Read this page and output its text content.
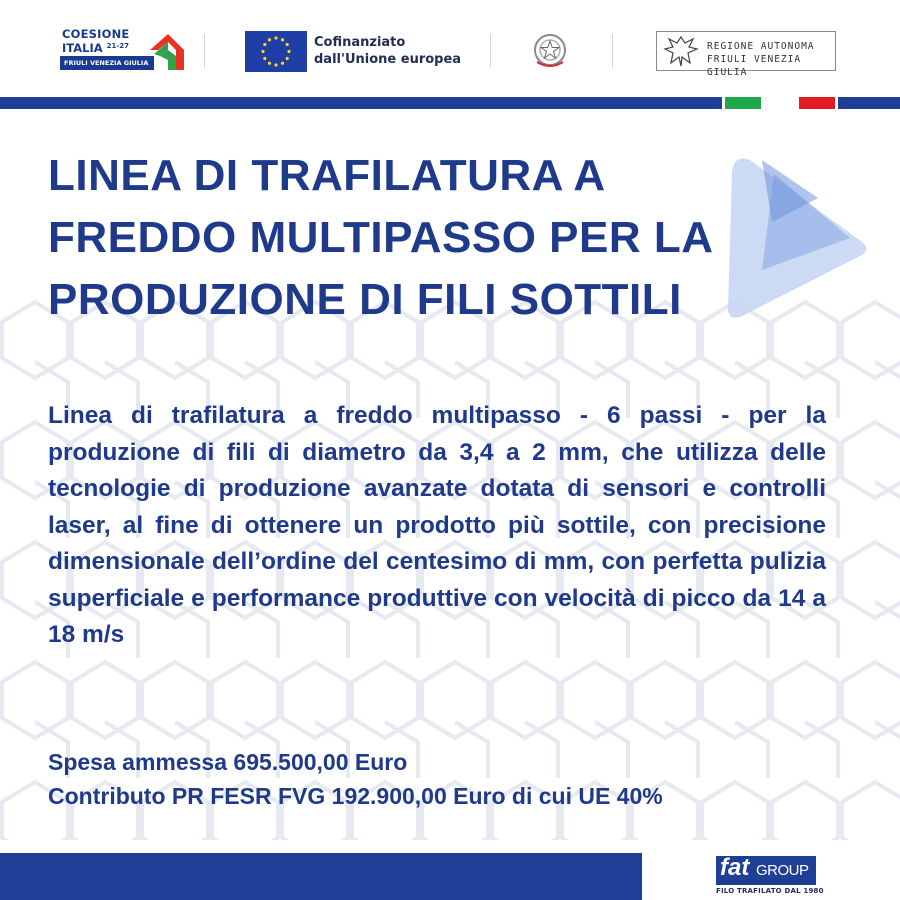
COESIONE
ITALIA $^{21-27}$
FRIULI VENEZIA GIULIA
Cofinanziato
dall'Unione europea
REGIONE AUTONOMA
FRIULI VENEZIA GIULIA
LINEA DI TRAFILATURA A FREDDO MULTIPASSO PER LA PRODUZIONE DI FILI SOTTILI

Linea di trafilatura a freddo multipasso - 6 passi - per la produzione di fili di diametro da 3,4 a 2 mm, che utilizza delle tecnologie di produzione avanzate dotata di sensori e controlli laser, al fine di ottenere un prodotto più sottile, con precisione dimensionale dell’ordine del centesimo di mm, con perfetta pulizia superficiale e performance produttive con velocità di picco da 14 a 18 m/s

Spesa ammessa 695.500,00 Euro
Contributo PR FESR FVG 192.900,00 Euro di cui UE 40%
fat GROUP
FILO TRAFILATO DAL 1980
